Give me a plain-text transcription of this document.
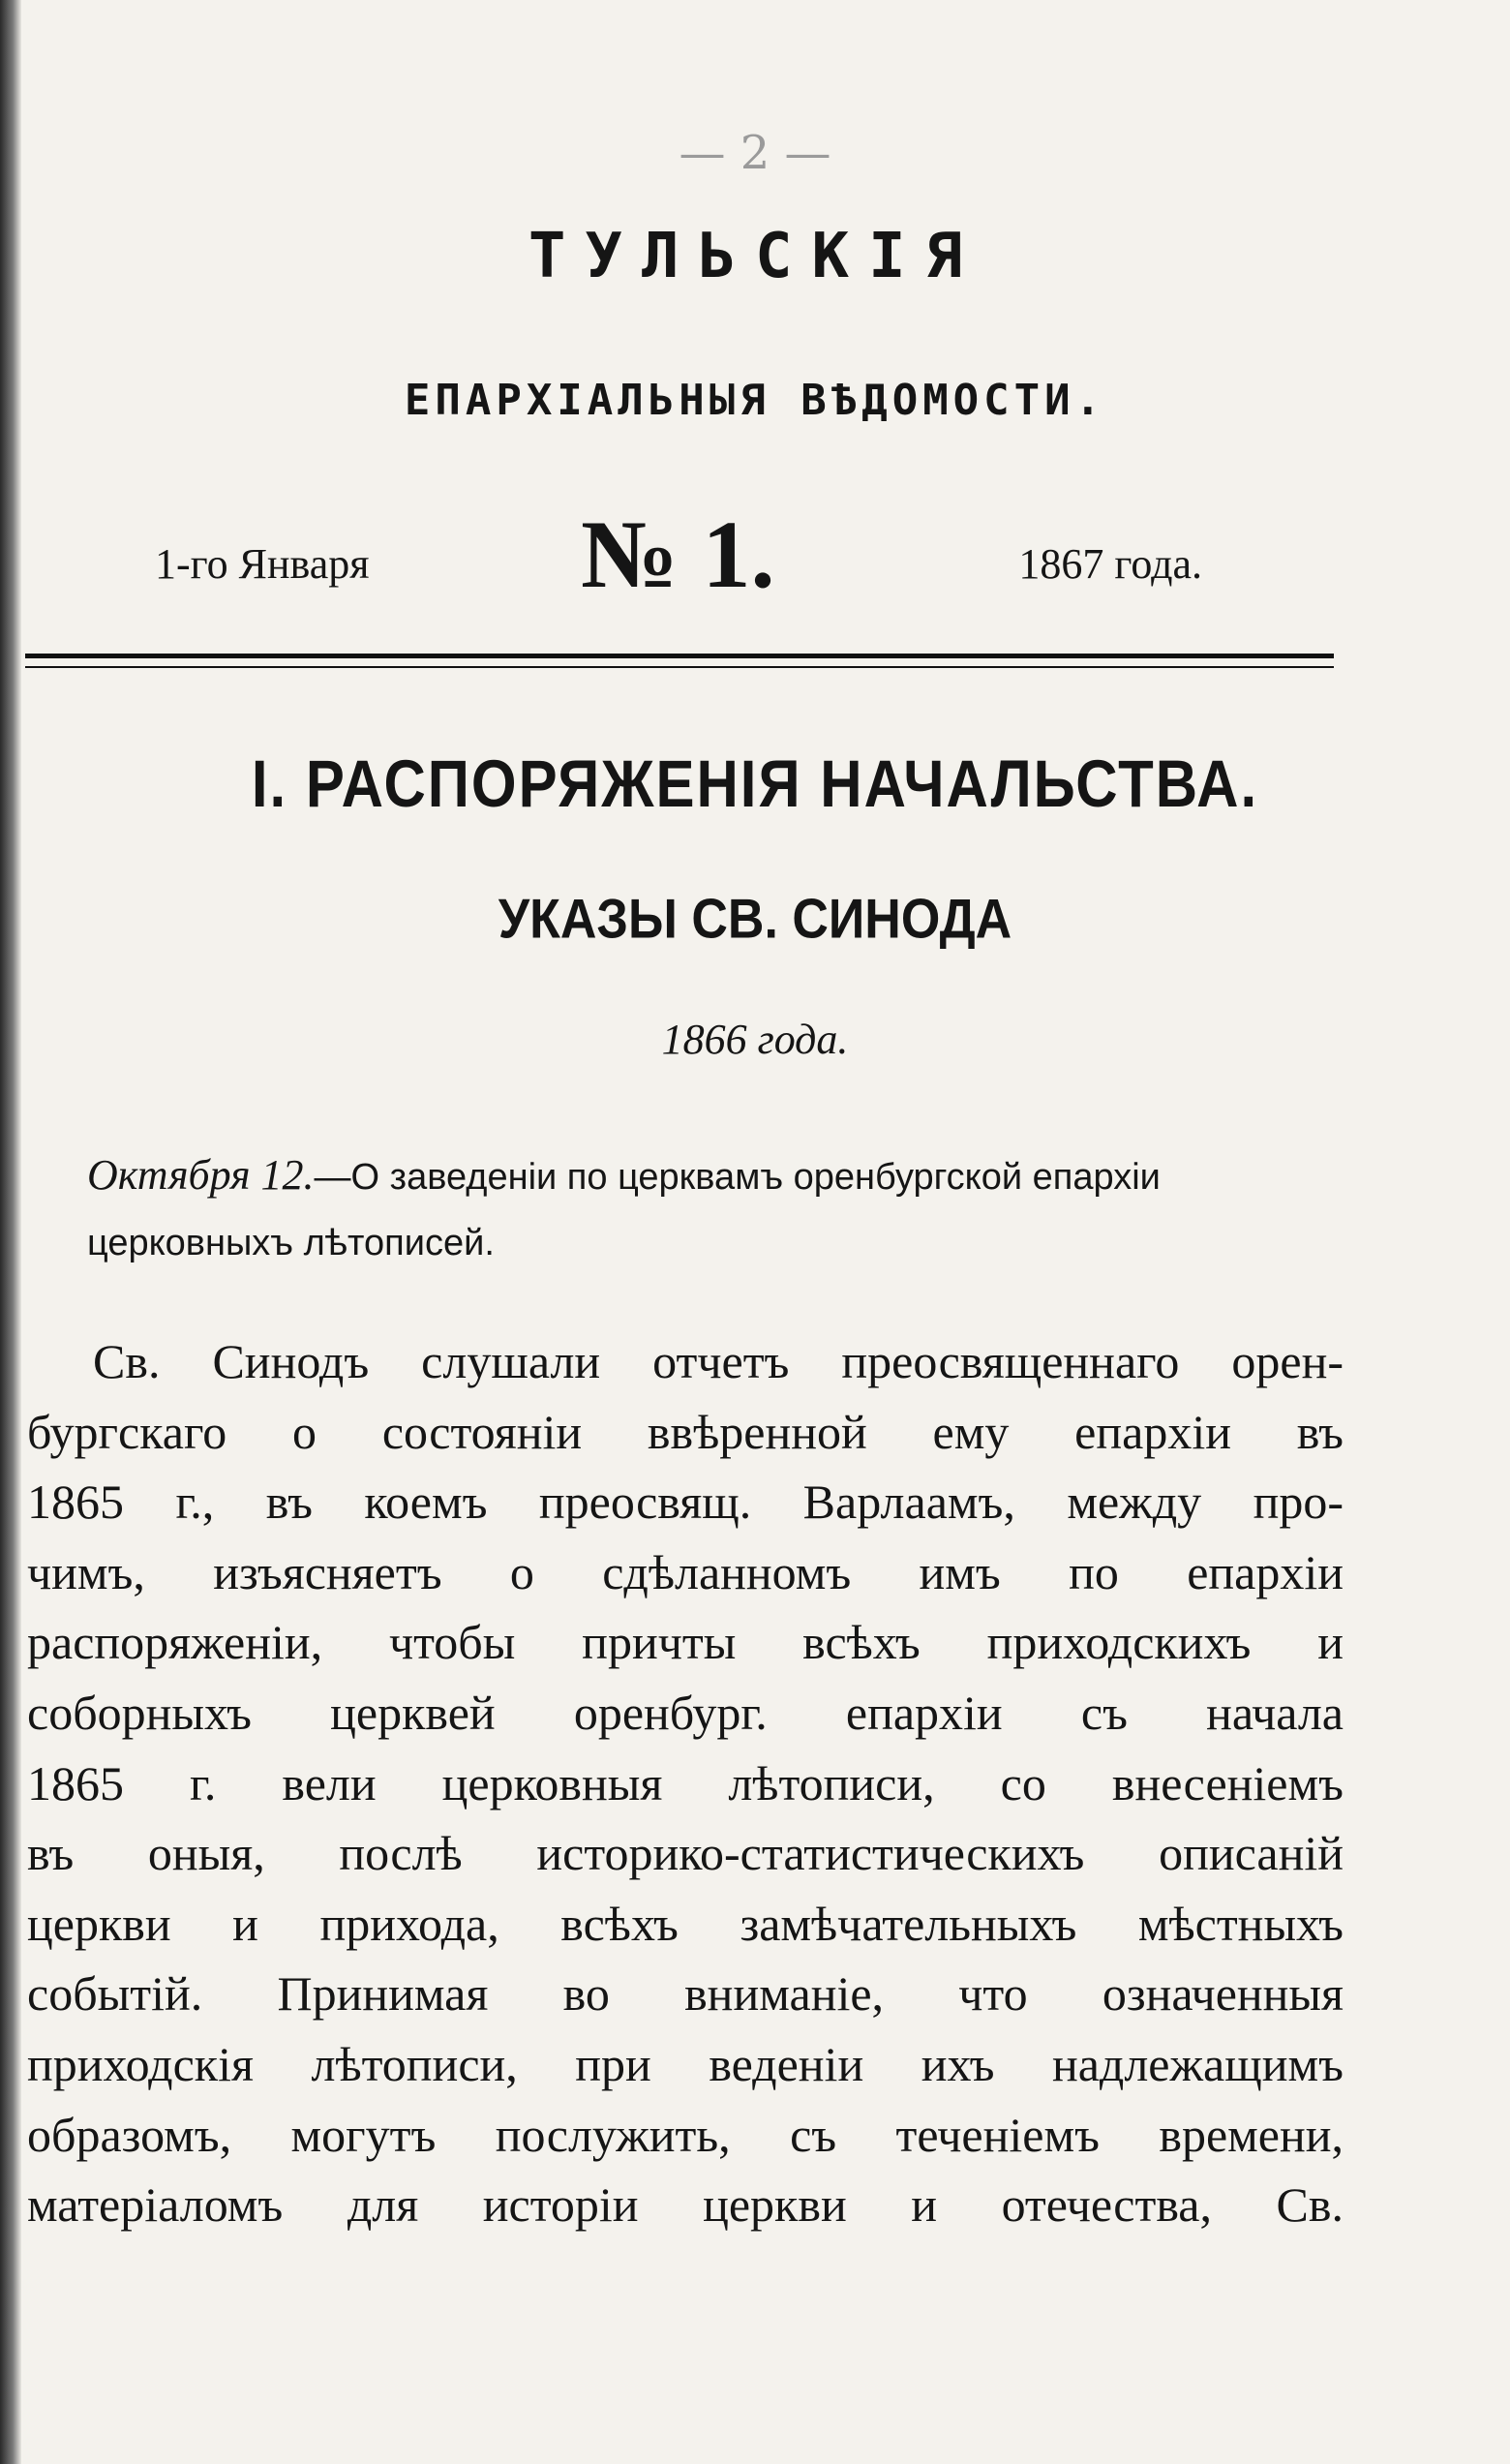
— 2 —
ТУЛЬСКІЯ
ЕПАРХІАЛЬНЫЯ ВѢДОМОСТИ.
1-го Января № 1.	1867 года.
I. РАСПОРЯЖЕНІЯ НАЧАЛЬСТВА.
УКАЗЫ СВ. СИНОДА
1866 года.
Октября 12.—О заведеніи по церквамъ оренбургской епархіи церковныхъ лѣтописей.
Св. Синодъ слушали отчетъ преосвященнаго орен-
бургскаго о состояніи ввѣренной ему епархіи въ
1865 г., въ коемъ преосвящ. Варлаамъ, между про-
чимъ, изъясняетъ о сдѣланномъ имъ по епархіи
распоряженіи, чтобы причты всѣхъ приходскихъ и
соборныхъ церквей оренбург. епархіи съ начала
1865 г. вели церковныя лѣтописи, со внесеніемъ
въ оныя, послѣ историко-статистическихъ описаній
церкви и прихода, всѣхъ замѣчательныхъ мѣстныхъ
событій. Принимая во вниманіе, что означенныя
приходскія лѣтописи, при веденіи ихъ надлежащимъ
образомъ, могутъ послужить, съ теченіемъ времени,
матеріаломъ для исторіи церкви и отечества, Св.
